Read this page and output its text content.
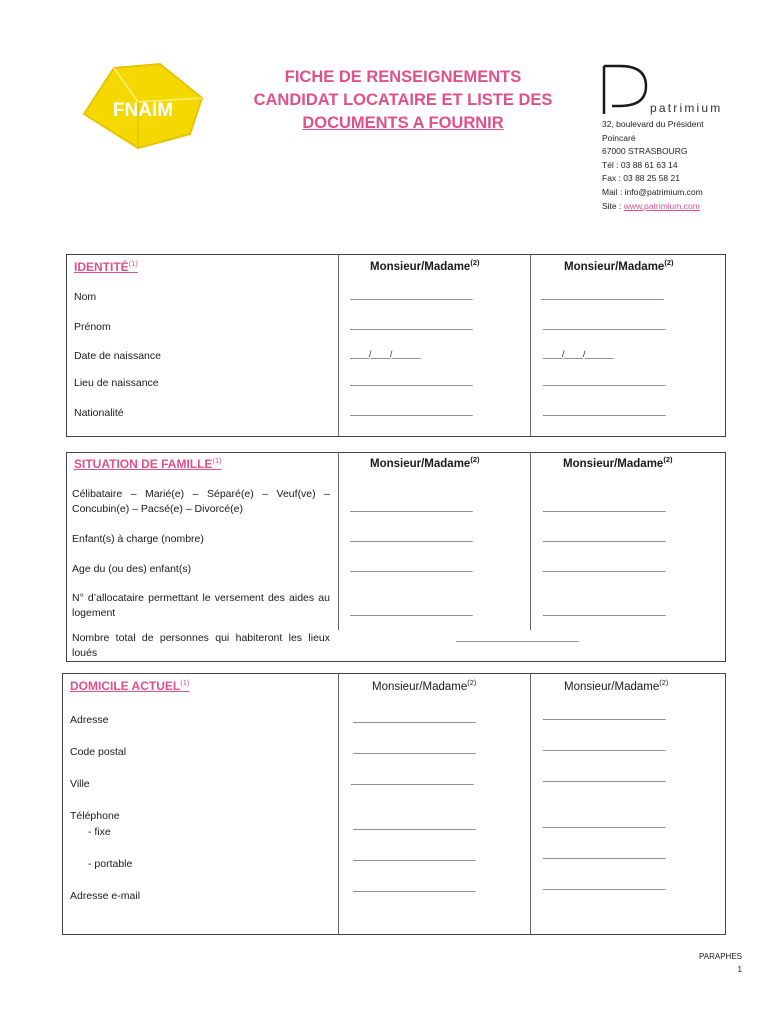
FNAIM
FICHE DE RENSEIGNEMENTS
CANDIDAT LOCATAIRE ET LISTE DES
DOCUMENTS A FOURNIR
patrimium
32, boulevard du Président
Poincaré
67000 STRASBOURG
Tél : 03 88 61 63 14
Fax : 03 88 25 58 21
Mail : info@patrimium.com
Site : www.patrimium.com
IDENTITÉ$^{(1)}$	Monsieur/Madame$^{(2)}$	Monsieur/Madame$^{(2)}$
Nom	__________________________	__________________________
Prénom	__________________________	__________________________
Date de naissance	____/____/______	____/____/______
Lieu de naissance	__________________________	__________________________
Nationalité	__________________________	__________________________
SITUATION DE FAMILLE$^{(1)}$	Monsieur/Madame$^{(2)}$	Monsieur/Madame$^{(2)}$
Célibataire – Marié(e) – Séparé(e) – Veuf(ve) – Concubin(e) – Pacsé(e) – Divorcé(e)	__________________________	__________________________
Enfant(s) à charge (nombre)	__________________________	__________________________
Age du (ou des) enfant(s)	__________________________	__________________________
N° d’allocataire permettant le versement des aides au logement	__________________________	__________________________
Nombre total de personnes qui habiteront les lieux loués
__________________________
DOMICILE ACTUEL$^{(1)}$	Monsieur/Madame$^{(2)}$	Monsieur/Madame$^{(2)}$
Adresse	__________________________	__________________________
Code postal	__________________________	__________________________
Ville	__________________________	__________________________
Téléphone
- fixe
__________________________	__________________________
- portable
__________________________	__________________________
Adresse e-mail
__________________________	__________________________
PARAPHES
1
